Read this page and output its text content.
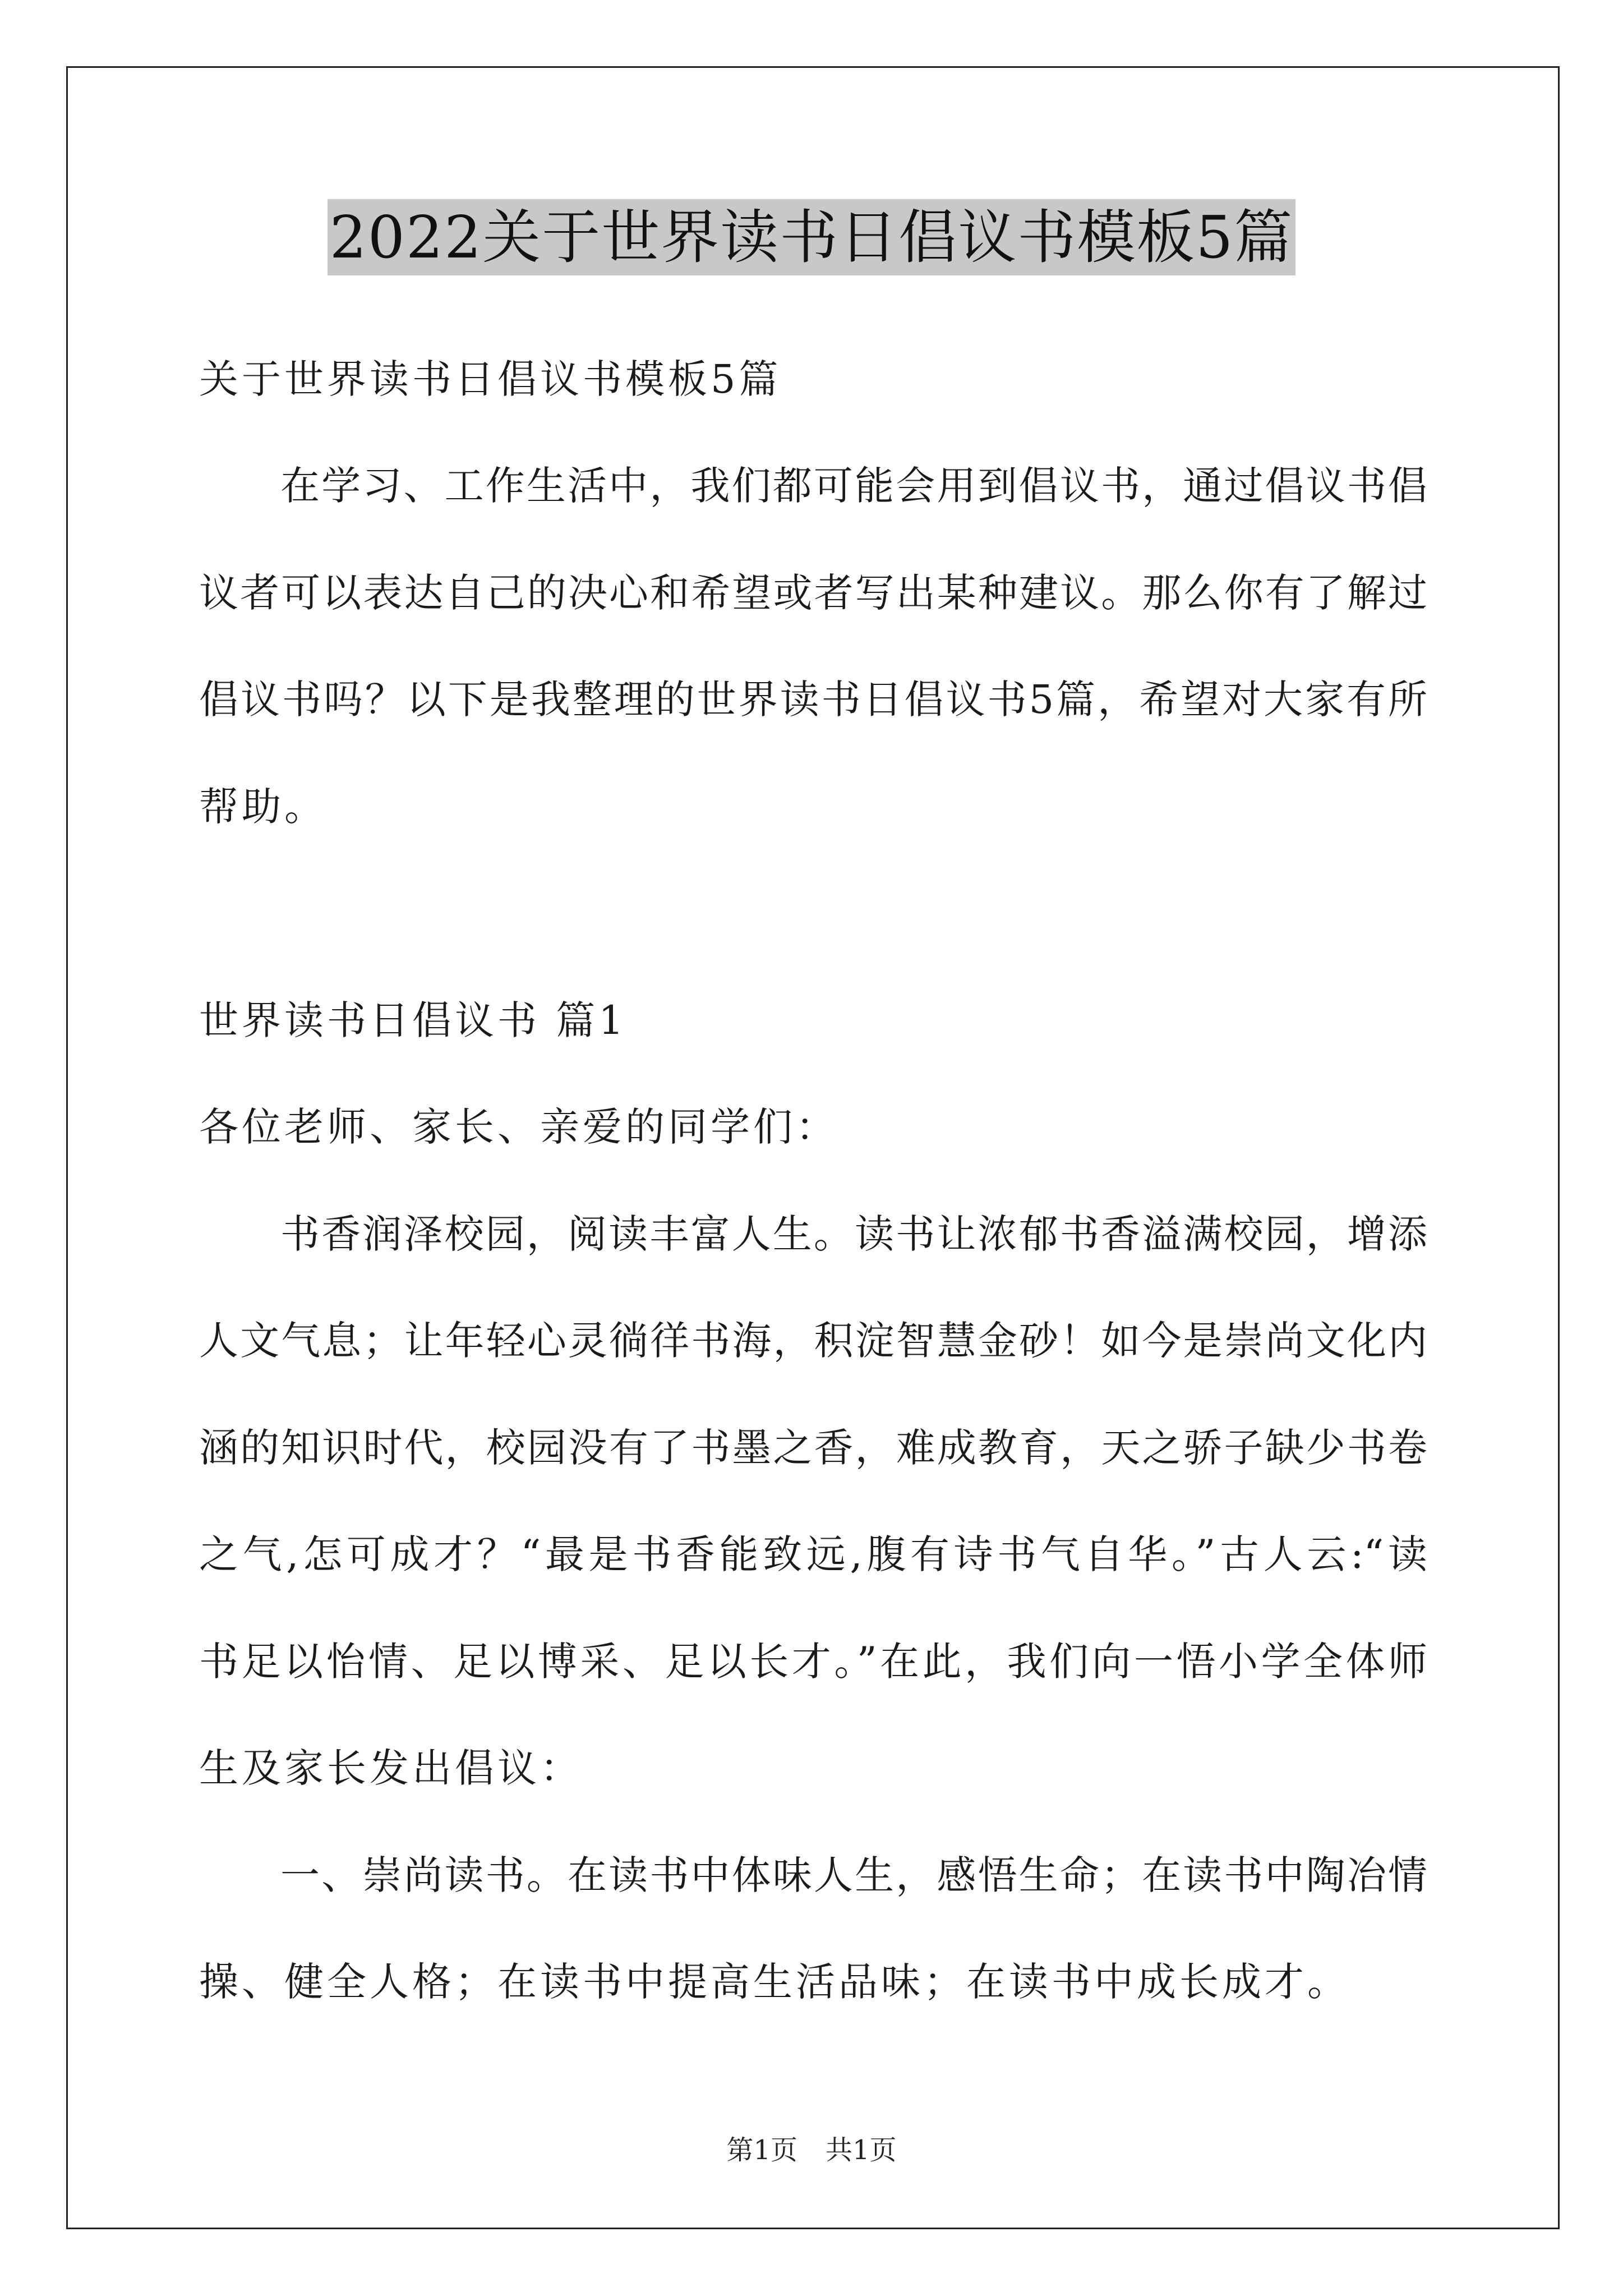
2022关于世界读书日倡议书模板5篇
关于世界读书日倡议书模板5篇
在学习、工作生活中，我们都可能会用到倡议书，通过倡议书倡
议者可以表达自己的决心和希望或者写出某种建议。那么你有了解过
倡议书吗？以下是我整理的世界读书日倡议书5篇，希望对大家有所
帮助。
世界读书日倡议书 篇1
各位老师、家长、亲爱的同学们：
书香润泽校园，阅读丰富人生。读书让浓郁书香溢满校园，增添
人文气息；让年轻心灵徜徉书海，积淀智慧金砂！如今是崇尚文化内
涵的知识时代，校园没有了书墨之香，难成教育，天之骄子缺少书卷
之气,怎可成才？“最是书香能致远,腹有诗书气自华。”古人云:“读
书足以怡情、足以博采、足以长才。”在此，我们向一悟小学全体师
生及家长发出倡议：
一、崇尚读书。在读书中体味人生，感悟生命；在读书中陶冶情
操、健全人格；在读书中提高生活品味；在读书中成长成才。
第1页 共1页
